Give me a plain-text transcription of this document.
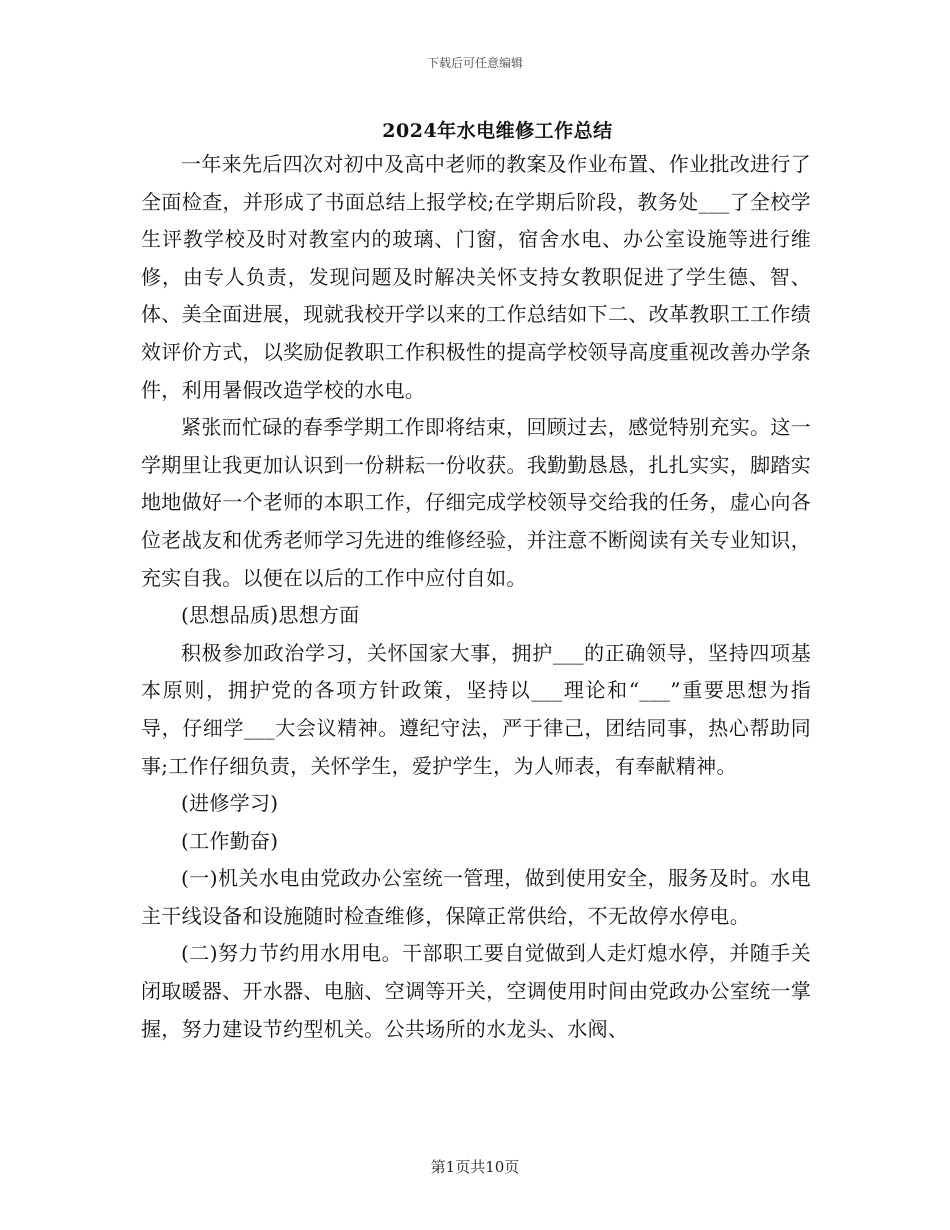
下载后可任意编辑
2024年水电维修工作总结

一年来先后四次对初中及高中老师的教案及作业布置、作业批改进行了全面检查，并形成了书面总结上报学校;在学期后阶段，教务处___了全校学生评教学校及时对教室内的玻璃、门窗，宿舍水电、办公室设施等进行维修，由专人负责，发现问题及时解决关怀支持女教职促进了学生德、智、体、美全面进展，现就我校开学以来的工作总结如下二、改革教职工工作绩效评价方式，以奖励促教职工作积极性的提高学校领导高度重视改善办学条件，利用暑假改造学校的水电。

紧张而忙碌的春季学期工作即将结束，回顾过去，感觉特别充实。这一学期里让我更加认识到一份耕耘一份收获。我勤勤恳恳，扎扎实实，脚踏实地地做好一个老师的本职工作，仔细完成学校领导交给我的任务，虚心向各位老战友和优秀老师学习先进的维修经验，并注意不断阅读有关专业知识，充实自我。以便在以后的工作中应付自如。

(思想品质)思想方面

积极参加政治学习，关怀国家大事，拥护___的正确领导，坚持四项基本原则，拥护党的各项方针政策，坚持以___理论和“___”重要思想为指导，仔细学___大会议精神。遵纪守法，严于律己，团结同事，热心帮助同事;工作仔细负责，关怀学生，爱护学生，为人师表，有奉献精神。

(进修学习)

(工作勤奋)

(一)机关水电由党政办公室统一管理，做到使用安全，服务及时。水电主干线设备和设施随时检查维修，保障正常供给，不无故停水停电。

(二)努力节约用水用电。干部职工要自觉做到人走灯熄水停，并随手关闭取暖器、开水器、电脑、空调等开关，空调使用时间由党政办公室统一掌握，努力建设节约型机关。公共场所的水龙头、水阀、

第1页共10页
